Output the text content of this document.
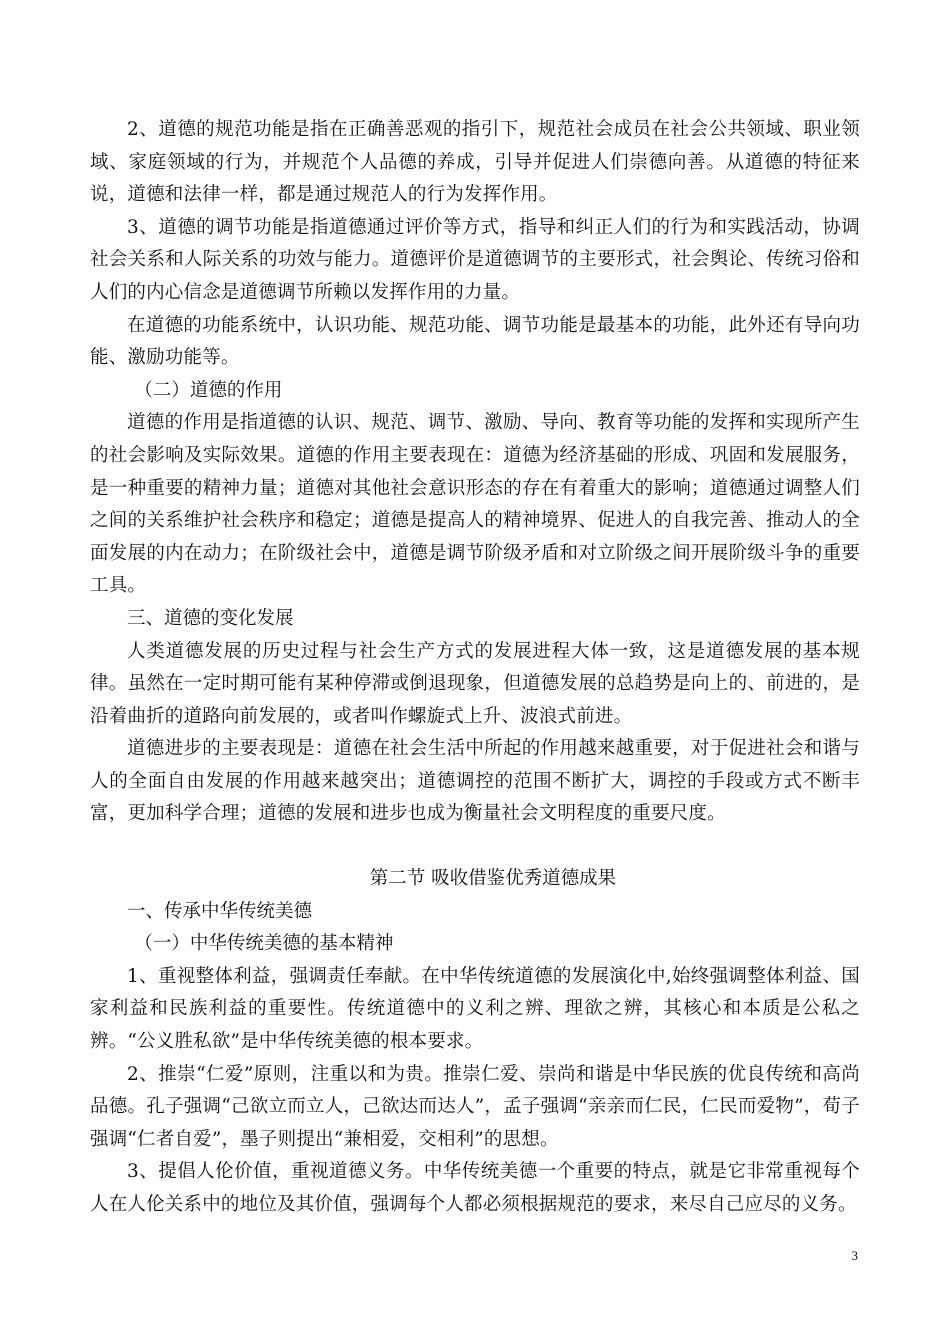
2、道德的规范功能是指在正确善恶观的指引下，规范社会成员在社会公共领域、职业领域、家庭领域的行为，并规范个人品德的养成，引导并促进人们崇德向善。从道德的特征来说，道德和法律一样，都是通过规范人的行为发挥作用。

3、道德的调节功能是指道德通过评价等方式，指导和纠正人们的行为和实践活动，协调社会关系和人际关系的功效与能力。道德评价是道德调节的主要形式，社会舆论、传统习俗和人们的内心信念是道德调节所赖以发挥作用的力量。

在道德的功能系统中，认识功能、规范功能、调节功能是最基本的功能，此外还有导向功能、激励功能等。

（二）道德的作用

道德的作用是指道德的认识、规范、调节、激励、导向、教育等功能的发挥和实现所产生的社会影响及实际效果。道德的作用主要表现在：道德为经济基础的形成、巩固和发展服务，是一种重要的精神力量；道德对其他社会意识形态的存在有着重大的影响；道德通过调整人们之间的关系维护社会秩序和稳定；道德是提高人的精神境界、促进人的自我完善、推动人的全面发展的内在动力；在阶级社会中，道德是调节阶级矛盾和对立阶级之间开展阶级斗争的重要工具。

三、道德的变化发展

人类道德发展的历史过程与社会生产方式的发展进程大体一致，这是道德发展的基本规律。虽然在一定时期可能有某种停滞或倒退现象，但道德发展的总趋势是向上的、前进的，是沿着曲折的道路向前发展的，或者叫作螺旋式上升、波浪式前进。

道德进步的主要表现是：道德在社会生活中所起的作用越来越重要，对于促进社会和谐与人的全面自由发展的作用越来越突出；道德调控的范围不断扩大，调控的手段或方式不断丰富，更加科学合理；道德的发展和进步也成为衡量社会文明程度的重要尺度。

第二节 吸收借鉴优秀道德成果

一、传承中华传统美德

（一）中华传统美德的基本精神

1、重视整体利益，强调责任奉献。在中华传统道德的发展演化中,始终强调整体利益、国家利益和民族利益的重要性。传统道德中的义利之辨、理欲之辨，其核心和本质是公私之辨。“公义胜私欲”是中华传统美德的根本要求。

2、推崇“仁爱”原则，注重以和为贵。推崇仁爱、崇尚和谐是中华民族的优良传统和高尚品德。孔子强调“己欲立而立人，己欲达而达人”，孟子强调“亲亲而仁民，仁民而爱物”，荀子强调“仁者自爱”，墨子则提出“兼相爱，交相利”的思想。

3、提倡人伦价值，重视道德义务。中华传统美德一个重要的特点，就是它非常重视每个人在人伦关系中的地位及其价值，强调每个人都必须根据规范的要求，来尽自己应尽的义务。

3
